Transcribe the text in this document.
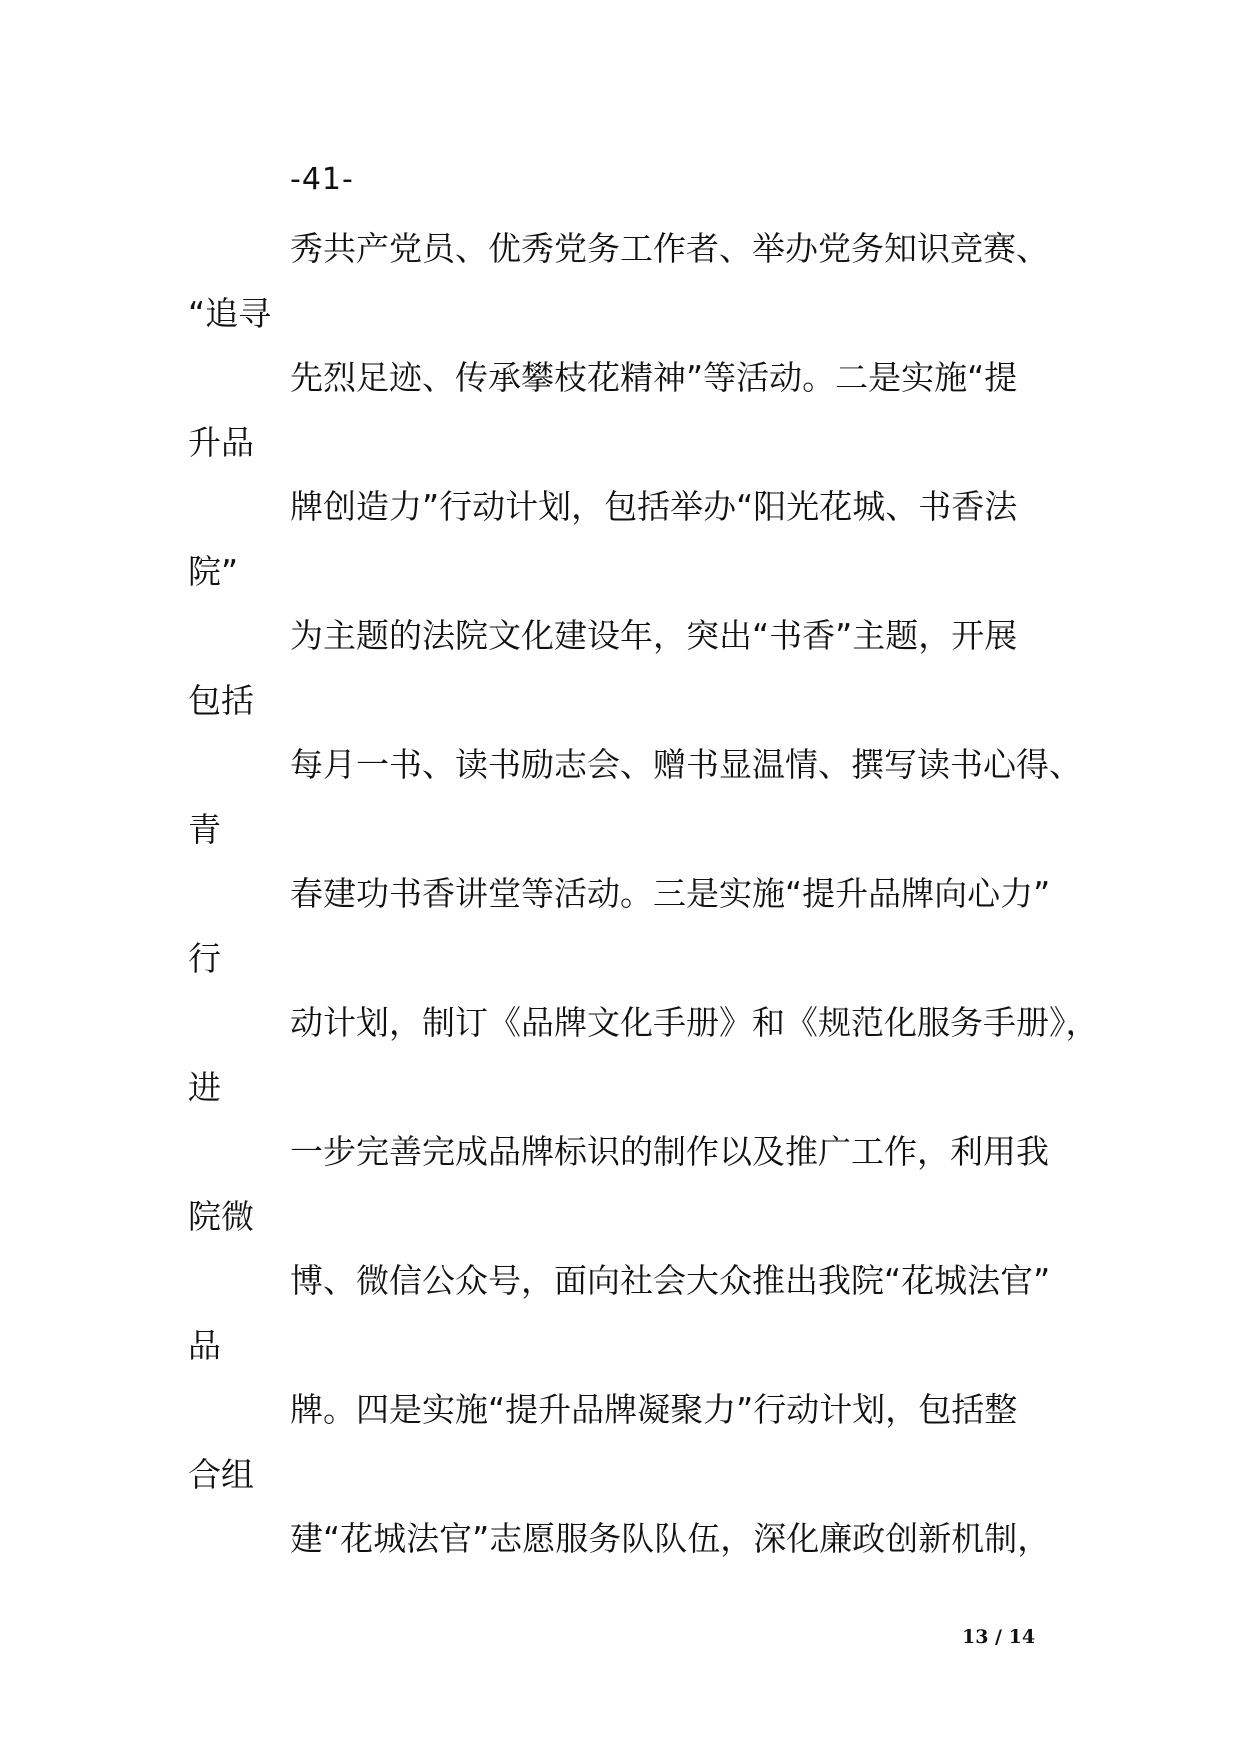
-41-
秀共产党员、优秀党务工作者、举办党务知识竞赛、
“追寻
先烈足迹、传承攀枝花精神”等活动。二是实施“提
升品
牌创造力”行动计划，包括举办“阳光花城、书香法
院”
为主题的法院文化建设年，突出“书香”主题，开展
包括
每月一书、读书励志会、赠书显温情、撰写读书心得、
青
春建功书香讲堂等活动。三是实施“提升品牌向心力”
行
动计划，制订《品牌文化手册》和《规范化服务手册》，
进
一步完善完成品牌标识的制作以及推广工作，利用我
院微
博、微信公众号，面向社会大众推出我院“花城法官”
品
牌。四是实施“提升品牌凝聚力”行动计划，包括整
合组
建“花城法官”志愿服务队队伍，深化廉政创新机制，
13 / 14
